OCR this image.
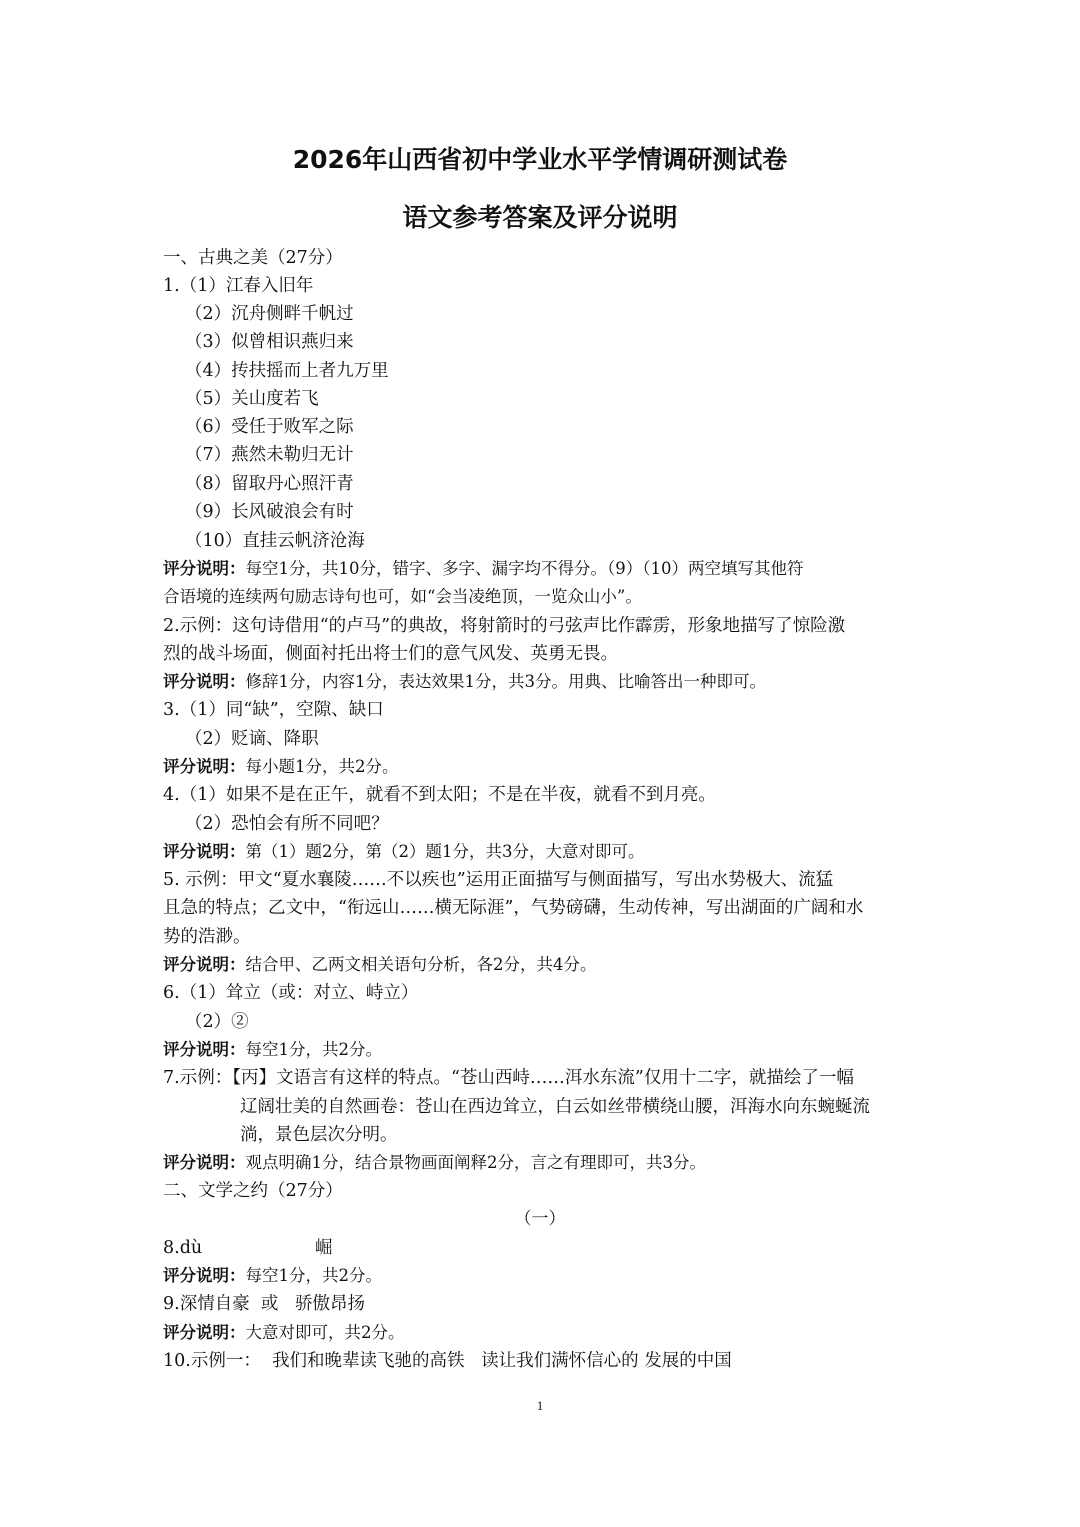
2026年山西省初中学业水平学情调研测试卷
语文参考答案及评分说明
一、古典之美（27分）
1.（1）江春入旧年
（2）沉舟侧畔千帆过
（3）似曾相识燕归来
（4）抟扶摇而上者九万里
（5）关山度若飞
（6）受任于败军之际
（7）燕然未勒归无计
（8）留取丹心照汗青
（9）长风破浪会有时
（10）直挂云帆济沧海
评分说明：每空1分，共10分，错字、多字、漏字均不得分。（9）（10）两空填写其他符
合语境的连续两句励志诗句也可，如“会当凌绝顶，一览众山小”。
2.示例：这句诗借用“的卢马”的典故，将射箭时的弓弦声比作霹雳，形象地描写了惊险激
烈的战斗场面，侧面衬托出将士们的意气风发、英勇无畏。
评分说明：修辞1分，内容1分，表达效果1分，共3分。用典、比喻答出一种即可。
3.（1）同“缺”，空隙、缺口
（2）贬谪、降职
评分说明：每小题1分，共2分。
4.（1）如果不是在正午，就看不到太阳；不是在半夜，就看不到月亮。
（2）恐怕会有所不同吧？
评分说明：第（1）题2分，第（2）题1分，共3分，大意对即可。
5. 示例：甲文“夏水襄陵……不以疾也”运用正面描写与侧面描写，写出水势极大、流猛
且急的特点；乙文中，“衔远山……横无际涯”，气势磅礴，生动传神，写出湖面的广阔和水
势的浩渺。
评分说明：结合甲、乙两文相关语句分析，各2分，共4分。
6.（1）耸立（或：对立、峙立）
（2）②
评分说明：每空1分，共2分。
7.示例：【丙】文语言有这样的特点。“苍山西峙……洱水东流”仅用十二字，就描绘了一幅
辽阔壮美的自然画卷：苍山在西边耸立，白云如丝带横绕山腰，洱海水向东蜿蜒流
淌，景色层次分明。
评分说明：观点明确1分，结合景物画面阐释2分，言之有理即可，共3分。
二、文学之约（27分）
（一）
8.dù	崛
评分说明：每空1分，共2分。
9.深情自豪  或   骄傲昂扬
评分说明：大意对即可，共2分。
10.示例一：  我们和晚辈读飞驰的高铁   读让我们满怀信心的 发展的中国
1
